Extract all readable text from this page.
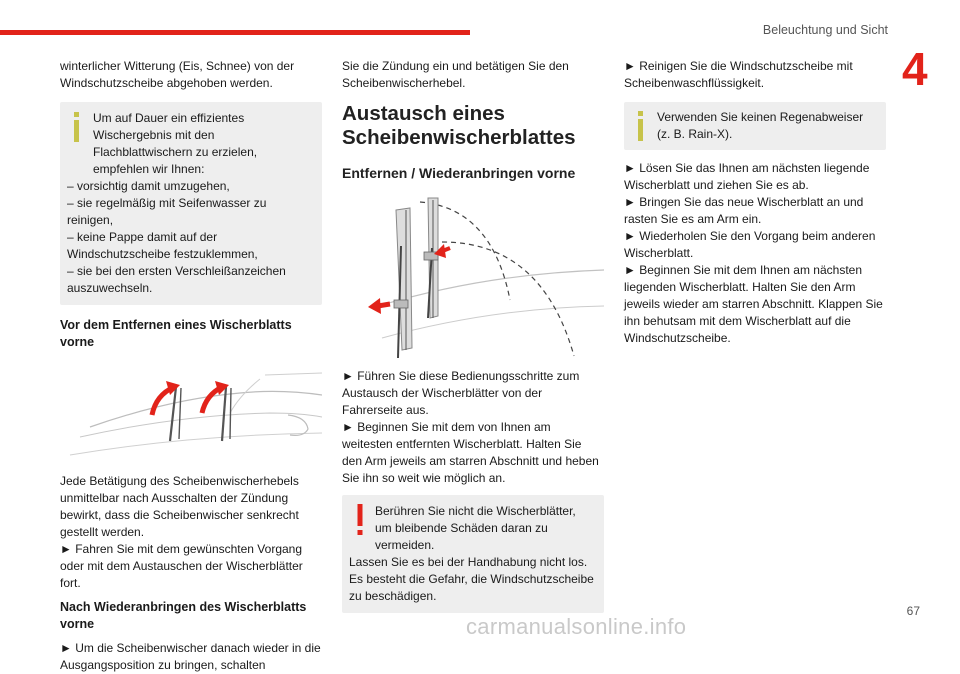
Beleuchtung und Sicht
4

winterlicher Witterung (Eis, Schnee) von der Windschutzscheibe abgehoben werden.

Um auf Dauer ein effizientes Wischergebnis mit den Flachblattwischern zu erzielen, empfehlen wir Ihnen:

– vorsichtig damit umzugehen,

– sie regelmäßig mit Seifenwasser zu reinigen,

– keine Pappe damit auf der Windschutzscheibe festzuklemmen,

– sie bei den ersten Verschleißanzeichen auszuwechseln.

Vor dem Entfernen eines Wischerblatts vorne

Jede Betätigung des Scheibenwischerhebels unmittelbar nach Ausschalten der Zündung bewirkt, dass die Scheibenwischer senkrecht gestellt werden.

► Fahren Sie mit dem gewünschten Vorgang oder mit dem Austauschen der Wischerblätter fort.

Nach Wiederanbringen des Wischerblatts vorne

► Um die Scheibenwischer danach wieder in die Ausgangsposition zu bringen, schalten

Sie die Zündung ein und betätigen Sie den Scheibenwischerhebel.

Austausch eines Scheibenwischerblattes
Entfernen / Wiederanbringen vorne

► Führen Sie diese Bedienungsschritte zum Austausch der Wischerblätter von der Fahrerseite aus.

► Beginnen Sie mit dem von Ihnen am weitesten entfernten Wischerblatt. Halten Sie den Arm jeweils am starren Abschnitt und heben Sie ihn so weit wie möglich an.

Berühren Sie nicht die Wischerblätter, um bleibende Schäden daran zu vermeiden.

Lassen Sie es bei der Handhabung nicht los.

Es besteht die Gefahr, die Windschutzscheibe zu beschädigen.

► Reinigen Sie die Windschutzscheibe mit Scheibenwaschflüssigkeit.

Verwenden Sie keinen Regenabweiser (z. B. Rain-X).

► Lösen Sie das Ihnen am nächsten liegende Wischerblatt und ziehen Sie es ab.

► Bringen Sie das neue Wischerblatt an und rasten Sie es am Arm ein.

► Wiederholen Sie den Vorgang beim anderen Wischerblatt.

► Beginnen Sie mit dem Ihnen am nächsten liegenden Wischerblatt. Halten Sie den Arm jeweils wieder am starren Abschnitt. Klappen Sie ihn behutsam mit dem Wischerblatt auf die Windschutzscheibe.

67
carmanualsonline.info
